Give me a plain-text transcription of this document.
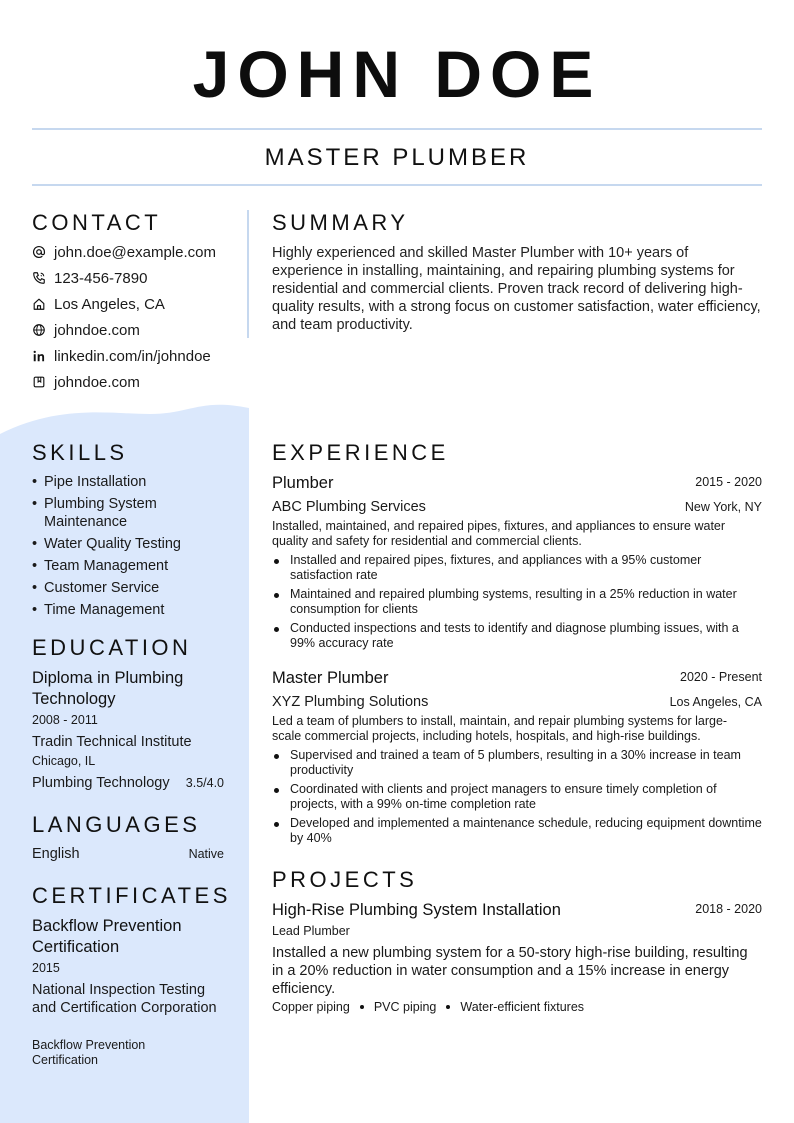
JOHN DOE
MASTER PLUMBER
CONTACT
john.doe@example.com
123-456-7890
Los Angeles, CA
johndoe.com
linkedin.com/in/johndoe
johndoe.com
SUMMARY
Highly experienced and skilled Master Plumber with 10+ years of experience in installing, maintaining, and repairing plumbing systems for residential and commercial clients. Proven track record of delivering high-quality results, with a strong focus on customer satisfaction, water efficiency, and team productivity.
SKILLS
• Pipe Installation
• Plumbing System Maintenance
• Water Quality Testing
• Team Management
• Customer Service
• Time Management
EDUCATION
Diploma in Plumbing Technology
2008 - 2011
Tradin Technical Institute
Chicago, IL
Plumbing Technology	3.5/4.0
LANGUAGES
English	Native
CERTIFICATES
Backflow Prevention Certification
2015
National Inspection Testing and Certification Corporation
Backflow Prevention Certification
EXPERIENCE
Plumber	2015 - 2020
ABC Plumbing Services	New York, NY
Installed, maintained, and repaired pipes, fixtures, and appliances to ensure water quality and safety for residential and commercial clients.
Installed and repaired pipes, fixtures, and appliances with a 95% customer satisfaction rate
Maintained and repaired plumbing systems, resulting in a 25% reduction in water consumption for clients
Conducted inspections and tests to identify and diagnose plumbing issues, with a 99% accuracy rate
Master Plumber	2020 - Present
XYZ Plumbing Solutions	Los Angeles, CA
Led a team of plumbers to install, maintain, and repair plumbing systems for large-scale commercial projects, including hotels, hospitals, and high-rise buildings.
Supervised and trained a team of 5 plumbers, resulting in a 30% increase in team productivity
Coordinated with clients and project managers to ensure timely completion of projects, with a 99% on-time completion rate
Developed and implemented a maintenance schedule, reducing equipment downtime by 40%
PROJECTS
High-Rise Plumbing System Installation	2018 - 2020
Lead Plumber
Installed a new plumbing system for a 50-story high-rise building, resulting in a 20% reduction in water consumption and a 15% increase in energy efficiency.
Copper piping PVC piping Water-efficient fixtures
